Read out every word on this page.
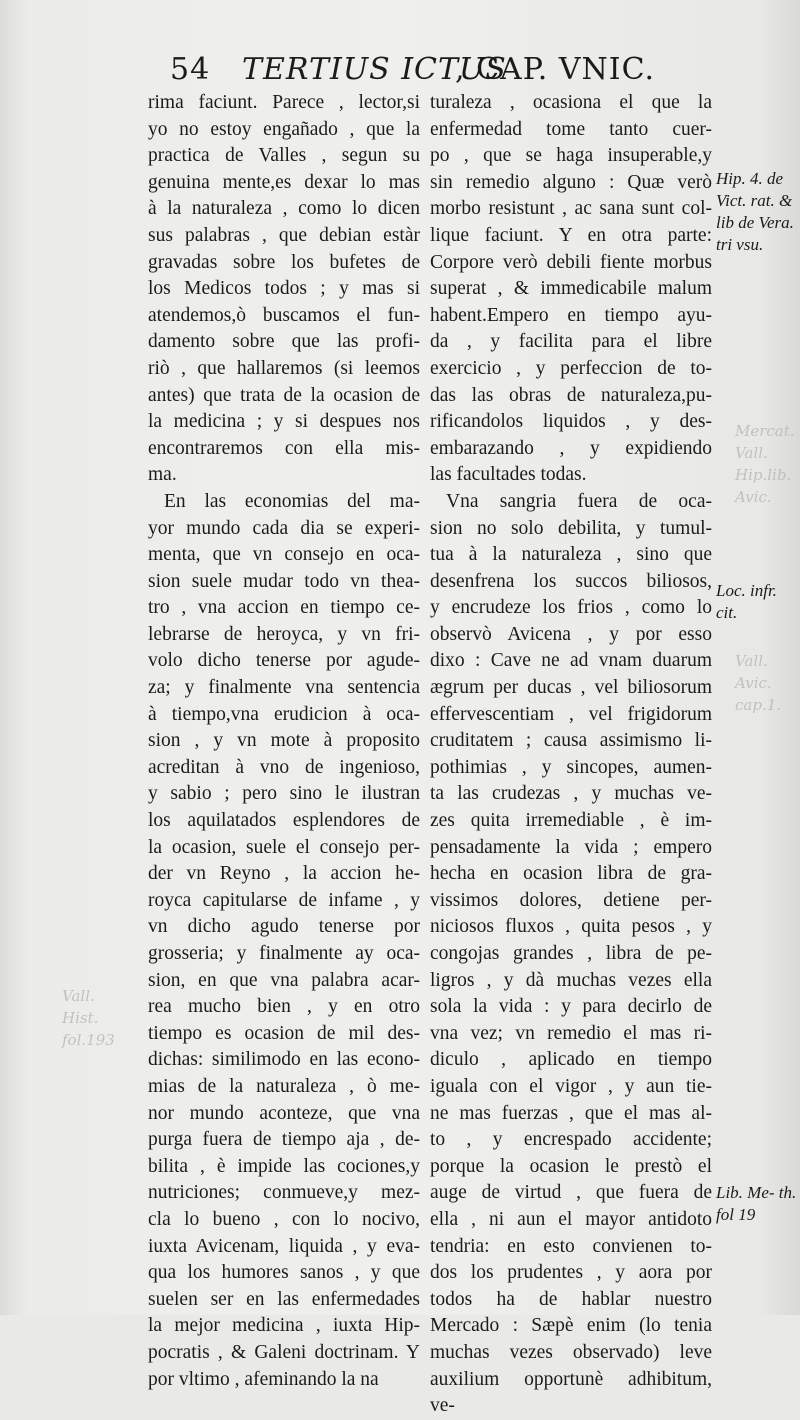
Mercat.
Vall.
Hip.lib.
Avic.
Vall.
Avic.
cap.1.
Vall.
Hist.
fol.193
54 TERTIUS ICTUS
, CAP. VNIC.
rima faciunt. Parece , lector,si
yo no estoy engañado , que la
practica de Valles , segun su
genuina mente,es dexar lo mas
à la naturaleza , como lo dicen
sus palabras , que debian estàr
gravadas sobre los bufetes de
los Medicos todos ; y mas si
atendemos,ò buscamos el fun-
damento sobre que las profi-
riò , que hallaremos (si leemos
antes) que trata de la ocasion de
la medicina ; y si despues nos
encontraremos con ella mis-
ma.
En las economias del ma-
yor mundo cada dia se experi-
menta, que vn consejo en oca-
sion suele mudar todo vn thea-
tro , vna accion en tiempo ce-
lebrarse de heroyca, y vn fri-
volo dicho tenerse por agude-
za; y finalmente vna sentencia
à tiempo,vna erudicion à oca-
sion , y vn mote à proposito
acreditan à vno de ingenioso,
y sabio ; pero sino le ilustran
los aquilatados esplendores de
la ocasion, suele el consejo per-
der vn Reyno , la accion he-
royca capitularse de infame , y
vn dicho agudo tenerse por
grosseria; y finalmente ay oca-
sion, en que vna palabra acar-
rea mucho bien , y en otro
tiempo es ocasion de mil des-
dichas: similimodo en las econo-
mias de la naturaleza , ò me-
nor mundo aconteze, que vna
purga fuera de tiempo aja , de-
bilita , è impide las cociones,y
nutriciones; conmueve,y mez-
cla lo bueno , con lo nocivo,
iuxta Avicenam, liquida , y eva-
qua los humores sanos , y que
suelen ser en las enfermedades
la mejor medicina , iuxta Hip-
pocratis , & Galeni doctrinam. Y
por vltimo , afeminando la na
turaleza , ocasiona el que la
enfermedad tome tanto cuer-
po , que se haga insuperable,y
sin remedio alguno : Quæ verò
morbo resistunt , ac sana sunt col-
lique faciunt. Y en otra parte:
Corpore verò debili fiente morbus
superat , & immedicabile malum
habent.Empero en tiempo ayu-
da , y facilita para el libre
exercicio , y perfeccion de to-
das las obras de naturaleza,pu-
rificandolos liquidos , y des-
embarazando , y expidiendo
las facultades todas.
Vna sangria fuera de oca-
sion no solo debilita, y tumul-
tua à la naturaleza , sino que
desenfrena los succos biliosos,
y encrudeze los frios , como lo
observò Avicena , y por esso
dixo : Cave ne ad vnam duarum
ægrum per ducas , vel biliosorum
effervescentiam , vel frigidorum
cruditatem ; causa assimismo li-
pothimias , y sincopes, aumen-
ta las crudezas , y muchas ve-
zes quita irremediable , è im-
pensadamente la vida ; empero
hecha en ocasion libra de gra-
vissimos dolores, detiene per-
niciosos fluxos , quita pesos , y
congojas grandes , libra de pe-
ligros , y dà muchas vezes ella
sola la vida : y para decirlo de
vna vez; vn remedio el mas ri-
diculo , aplicado en tiempo
iguala con el vigor , y aun tie-
ne mas fuerzas , que el mas al-
to , y encrespado accidente;
porque la ocasion le prestò el
auge de virtud , que fuera de
ella , ni aun el mayor antidoto
tendria: en esto convienen to-
dos los prudentes , y aora por
todos ha de hablar nuestro
Mercado : Sæpè enim (lo tenia
muchas vezes observado) leve
auxilium opportunè adhibitum,
ve-
Hip. 4. de Vict. rat. & lib de Vera. tri vsu.
Loc. infr. cit.
Lib. Me- th. fol 19
